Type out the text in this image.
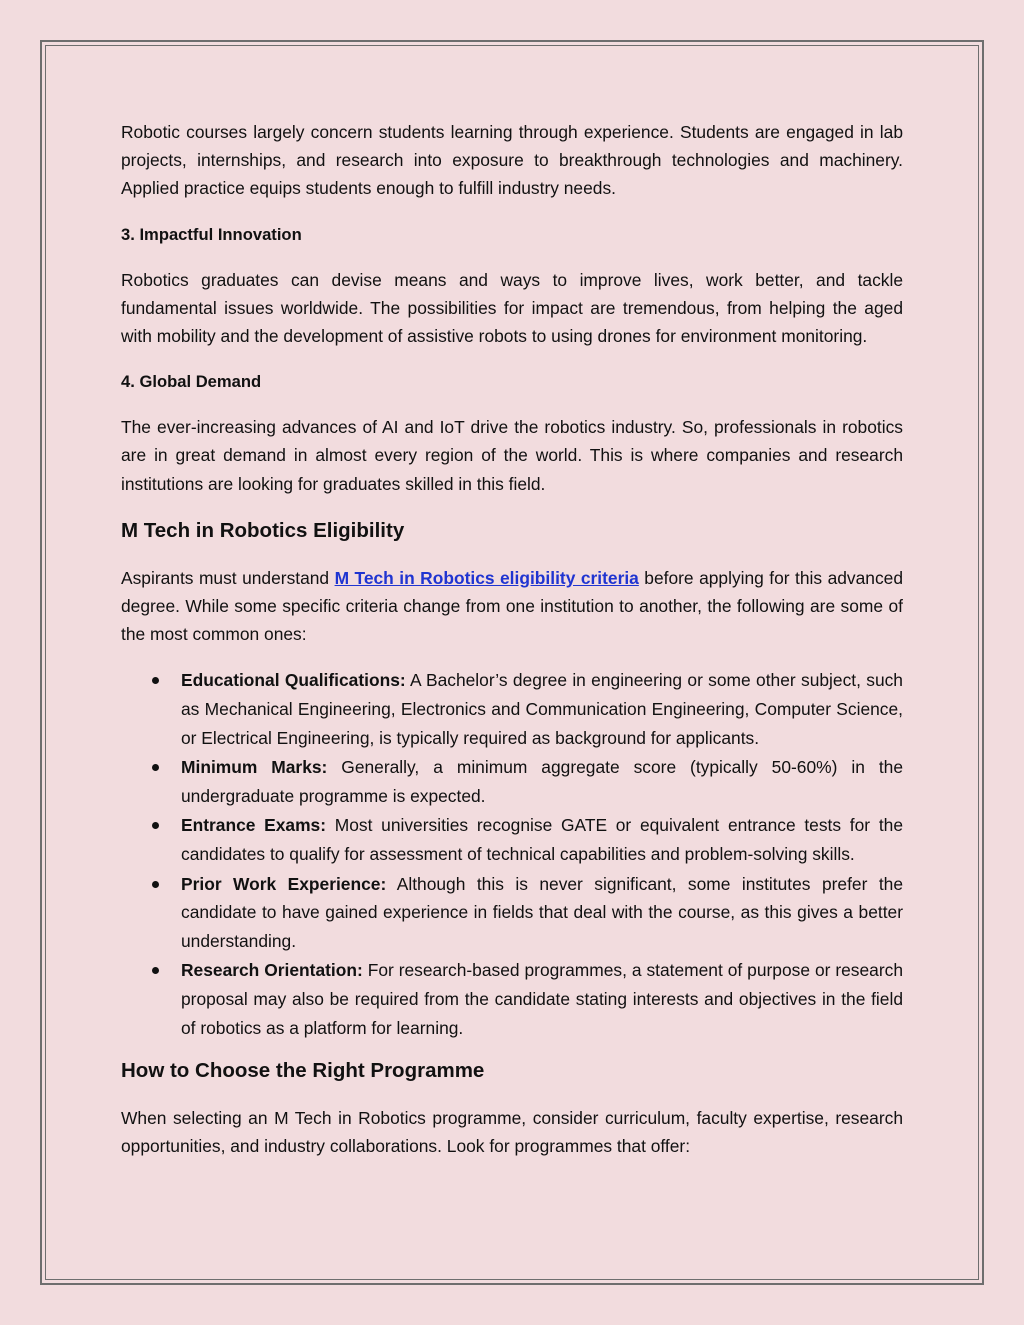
Robotic courses largely concern students learning through experience. Students are engaged in lab projects, internships, and research into exposure to breakthrough technologies and machinery. Applied practice equips students enough to fulfill industry needs.

3. Impactful Innovation

Robotics graduates can devise means and ways to improve lives, work better, and tackle fundamental issues worldwide. The possibilities for impact are tremendous, from helping the aged with mobility and the development of assistive robots to using drones for environment monitoring.

4. Global Demand

The ever-increasing advances of AI and IoT drive the robotics industry. So, professionals in robotics are in great demand in almost every region of the world. This is where companies and research institutions are looking for graduates skilled in this field.

M Tech in Robotics Eligibility

Aspirants must understand M Tech in Robotics eligibility criteria before applying for this advanced degree. While some specific criteria change from one institution to another, the following are some of the most common ones:

Educational Qualifications: A Bachelor’s degree in engineering or some other subject, such as Mechanical Engineering, Electronics and Communication Engineering, Computer Science, or Electrical Engineering, is typically required as background for applicants.
Minimum Marks: Generally, a minimum aggregate score (typically 50-60%) in the undergraduate programme is expected.
Entrance Exams: Most universities recognise GATE or equivalent entrance tests for the candidates to qualify for assessment of technical capabilities and problem-solving skills.
Prior Work Experience: Although this is never significant, some institutes prefer the candidate to have gained experience in fields that deal with the course, as this gives a better understanding.
Research Orientation: For research-based programmes, a statement of purpose or research proposal may also be required from the candidate stating interests and objectives in the field of robotics as a platform for learning.
How to Choose the Right Programme

When selecting an M Tech in Robotics programme, consider curriculum, faculty expertise, research opportunities, and industry collaborations. Look for programmes that offer:
